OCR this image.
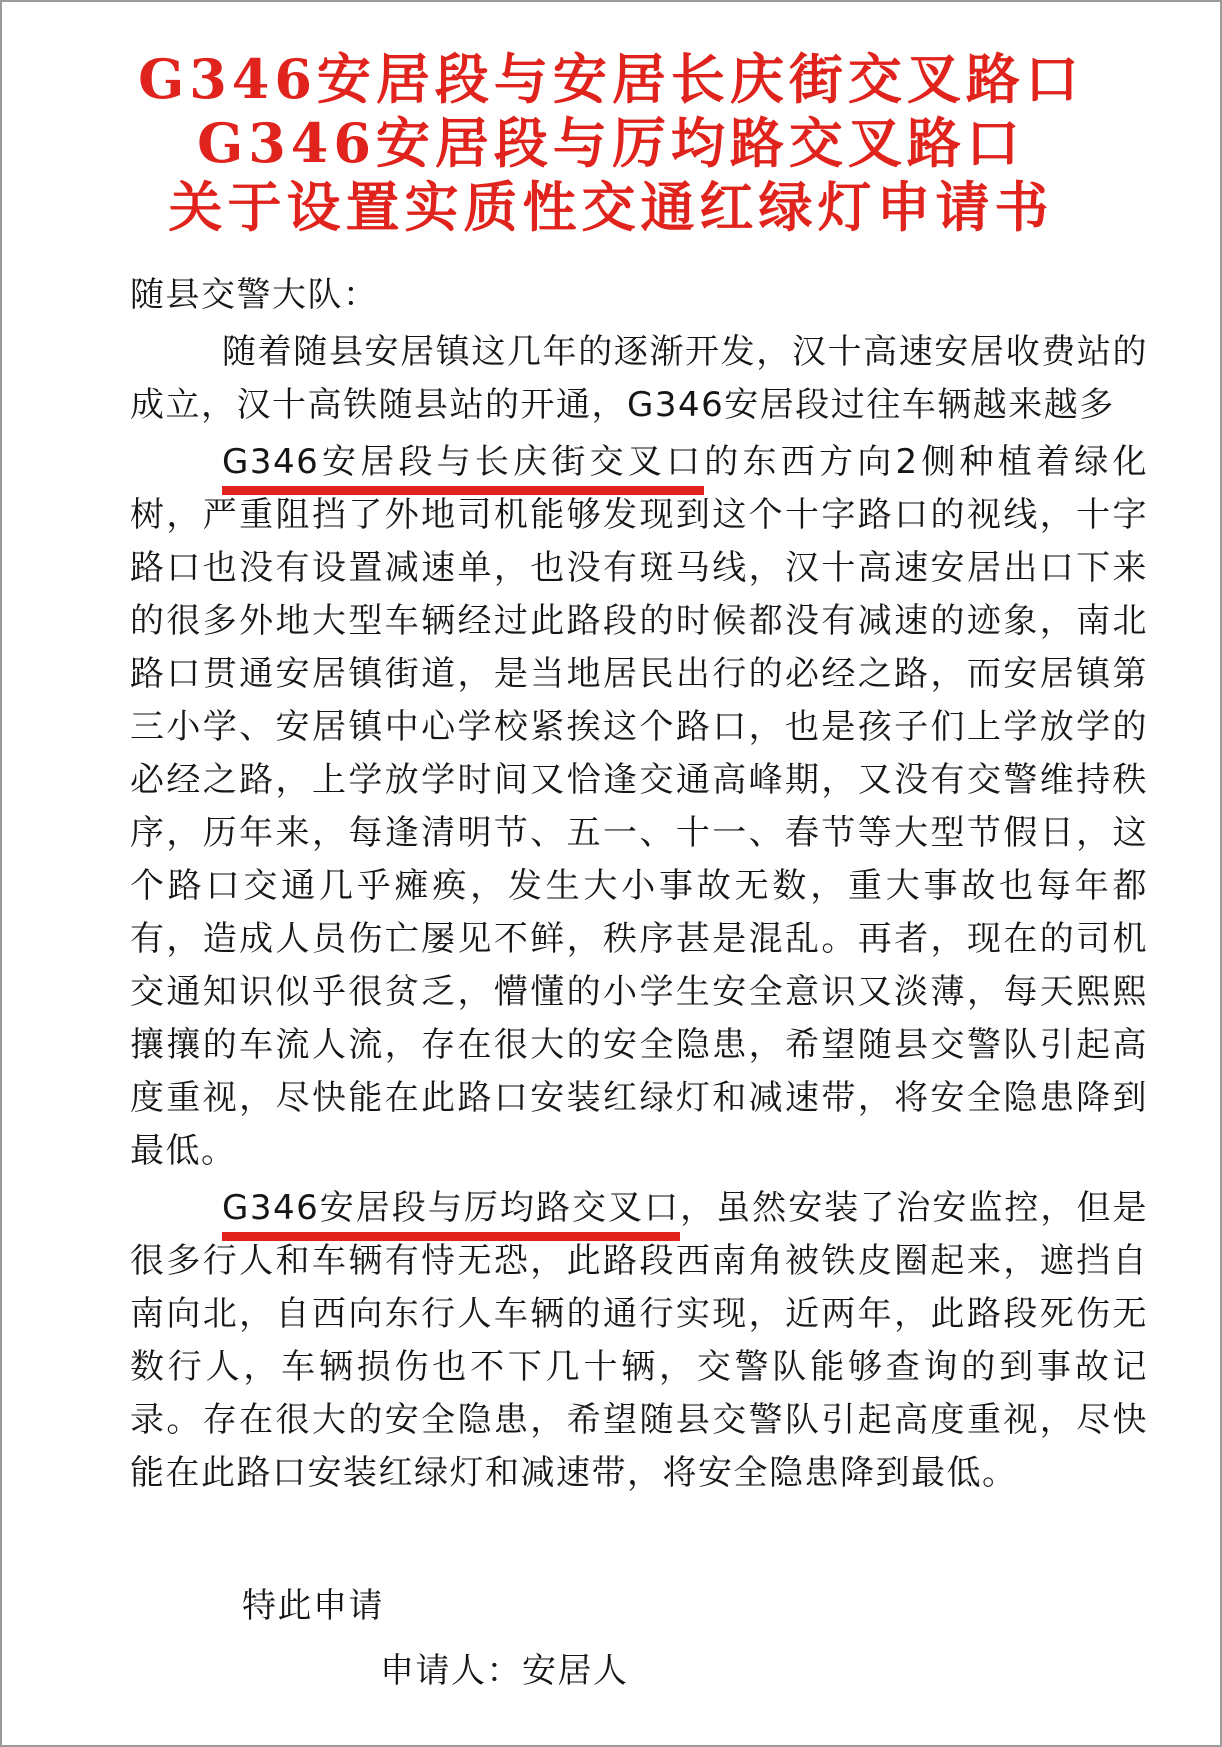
G346安居段与安居长庆街交叉路口
G346安居段与厉均路交叉路口
关于设置实质性交通红绿灯申请书

随县交警大队：

随着随县安居镇这几年的逐渐开发，汉十高速安居收费站的成立，汉十高铁随县站的开通，G346安居段过往车辆越来越多

G346安居段与长庆街交叉口的东西方向2侧种植着绿化树，严重阻挡了外地司机能够发现到这个十字路口的视线，十字路口也没有设置减速单，也没有斑马线，汉十高速安居出口下来的很多外地大型车辆经过此路段的时候都没有减速的迹象，南北路口贯通安居镇街道，是当地居民出行的必经之路，而安居镇第三小学、安居镇中心学校紧挨这个路口，也是孩子们上学放学的必经之路，上学放学时间又恰逢交通高峰期，又没有交警维持秩序，历年来，每逢清明节、五一、十一、春节等大型节假日，这个路口交通几乎瘫痪，发生大小事故无数，重大事故也每年都有，造成人员伤亡屡见不鲜，秩序甚是混乱。再者，现在的司机交通知识似乎很贫乏，懵懂的小学生安全意识又淡薄，每天熙熙攘攘的车流人流，存在很大的安全隐患，希望随县交警队引起高度重视，尽快能在此路口安装红绿灯和减速带，将安全隐患降到最低。

G346安居段与厉均路交叉口，虽然安装了治安监控，但是很多行人和车辆有恃无恐，此路段西南角被铁皮圈起来，遮挡自南向北，自西向东行人车辆的通行实现，近两年，此路段死伤无数行人，车辆损伤也不下几十辆，交警队能够查询的到事故记录。存在很大的安全隐患，希望随县交警队引起高度重视，尽快能在此路口安装红绿灯和减速带，将安全隐患降到最低。

特此申请

申请人：安居人
